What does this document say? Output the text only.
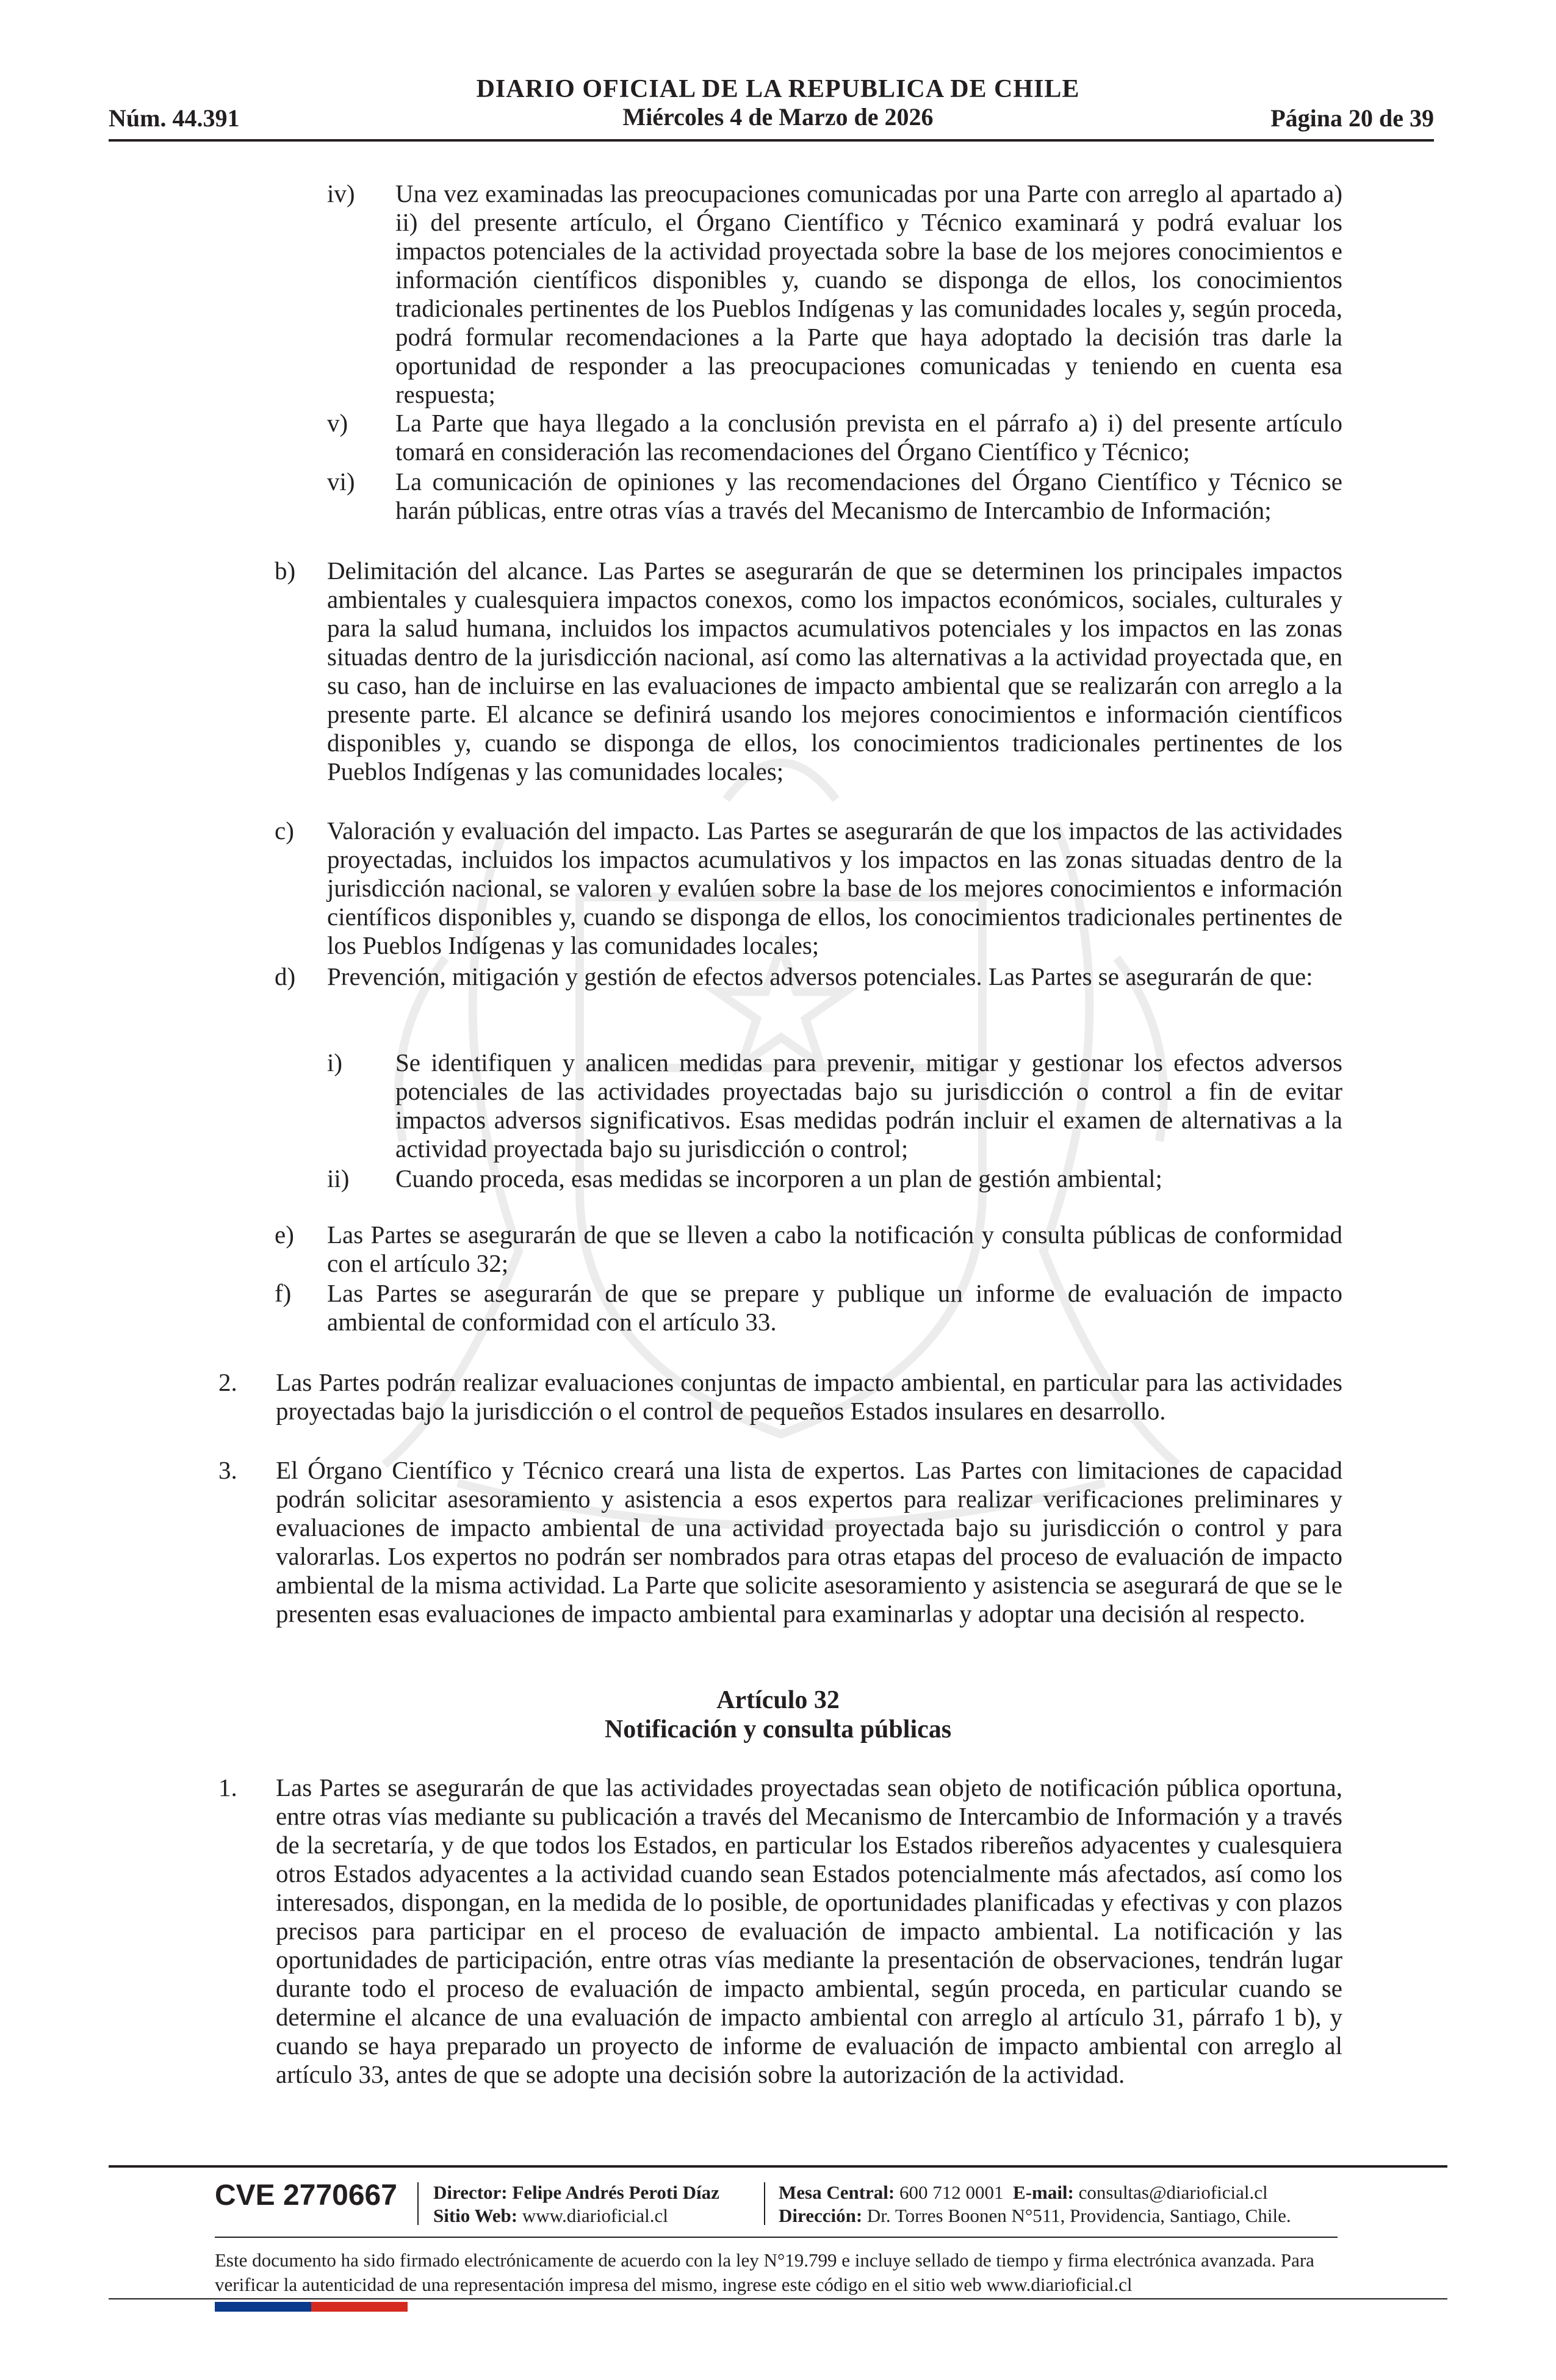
DIARIO OFICIAL DE LA REPUBLICA DE CHILE
Núm. 44.391	Miércoles 4 de Marzo de 2026	Página 20 de 39
iv) Una vez examinadas las preocupaciones comunicadas por una Parte con arreglo al apartado a) ii) del presente artículo, el Órgano Científico y Técnico examinará y podrá evaluar los impactos potenciales de la actividad proyectada sobre la base de los mejores conocimientos e información científicos disponibles y, cuando se disponga de ellos, los conocimientos tradicionales pertinentes de los Pueblos Indígenas y las comunidades locales y, según proceda, podrá formular recomendaciones a la Parte que haya adoptado la decisión tras darle la oportunidad de responder a las preocupaciones comunicadas y teniendo en cuenta esa respuesta;
v) La Parte que haya llegado a la conclusión prevista en el párrafo a) i) del presente artículo tomará en consideración las recomendaciones del Órgano Científico y Técnico;
vi) La comunicación de opiniones y las recomendaciones del Órgano Científico y Técnico se harán públicas, entre otras vías a través del Mecanismo de Intercambio de Información;
b) Delimitación del alcance. Las Partes se asegurarán de que se determinen los principales impactos ambientales y cualesquiera impactos conexos, como los impactos económicos, sociales, culturales y para la salud humana, incluidos los impactos acumulativos potenciales y los impactos en las zonas situadas dentro de la jurisdicción nacional, así como las alternativas a la actividad proyectada que, en su caso, han de incluirse en las evaluaciones de impacto ambiental que se realizarán con arreglo a la presente parte. El alcance se definirá usando los mejores conocimientos e información científicos disponibles y, cuando se disponga de ellos, los conocimientos tradicionales pertinentes de los Pueblos Indígenas y las comunidades locales;
c) Valoración y evaluación del impacto. Las Partes se asegurarán de que los impactos de las actividades proyectadas, incluidos los impactos acumulativos y los impactos en las zonas situadas dentro de la jurisdicción nacional, se valoren y evalúen sobre la base de los mejores conocimientos e información científicos disponibles y, cuando se disponga de ellos, los conocimientos tradicionales pertinentes de los Pueblos Indígenas y las comunidades locales;
d) Prevención, mitigación y gestión de efectos adversos potenciales. Las Partes se asegurarán de que:
i) Se identifiquen y analicen medidas para prevenir, mitigar y gestionar los efectos adversos potenciales de las actividades proyectadas bajo su jurisdicción o control a fin de evitar impactos adversos significativos. Esas medidas podrán incluir el examen de alternativas a la actividad proyectada bajo su jurisdicción o control;
ii) Cuando proceda, esas medidas se incorporen a un plan de gestión ambiental;
e) Las Partes se asegurarán de que se lleven a cabo la notificación y consulta públicas de conformidad con el artículo 32;
f) Las Partes se asegurarán de que se prepare y publique un informe de evaluación de impacto ambiental de conformidad con el artículo 33.
2. Las Partes podrán realizar evaluaciones conjuntas de impacto ambiental, en particular para las actividades proyectadas bajo la jurisdicción o el control de pequeños Estados insulares en desarrollo.
3. El Órgano Científico y Técnico creará una lista de expertos. Las Partes con limitaciones de capacidad podrán solicitar asesoramiento y asistencia a esos expertos para realizar verificaciones preliminares y evaluaciones de impacto ambiental de una actividad proyectada bajo su jurisdicción o control y para valorarlas. Los expertos no podrán ser nombrados para otras etapas del proceso de evaluación de impacto ambiental de la misma actividad. La Parte que solicite asesoramiento y asistencia se asegurará de que se le presenten esas evaluaciones de impacto ambiental para examinarlas y adoptar una decisión al respecto.
Artículo 32
Notificación y consulta públicas
1. Las Partes se asegurarán de que las actividades proyectadas sean objeto de notificación pública oportuna, entre otras vías mediante su publicación a través del Mecanismo de Intercambio de Información y a través de la secretaría, y de que todos los Estados, en particular los Estados ribereños adyacentes y cualesquiera otros Estados adyacentes a la actividad cuando sean Estados potencialmente más afectados, así como los interesados, dispongan, en la medida de lo posible, de oportunidades planificadas y efectivas y con plazos precisos para participar en el proceso de evaluación de impacto ambiental. La notificación y las oportunidades de participación, entre otras vías mediante la presentación de observaciones, tendrán lugar durante todo el proceso de evaluación de impacto ambiental, según proceda, en particular cuando se determine el alcance de una evaluación de impacto ambiental con arreglo al artículo 31, párrafo 1 b), y cuando se haya preparado un proyecto de informe de evaluación de impacto ambiental con arreglo al artículo 33, antes de que se adopte una decisión sobre la autorización de la actividad.
CVE 2770667 Director: Felipe Andrés Peroti Díaz
Sitio Web: www.diarioficial.cl
Mesa Central: 600 712 0001 E-mail: consultas@diarioficial.cl
Dirección: Dr. Torres Boonen N°511, Providencia, Santiago, Chile.
Este documento ha sido firmado electrónicamente de acuerdo con la ley N°19.799 e incluye sellado de tiempo y firma electrónica avanzada. Para verificar la autenticidad de una representación impresa del mismo, ingrese este código en el sitio web www.diarioficial.cl
